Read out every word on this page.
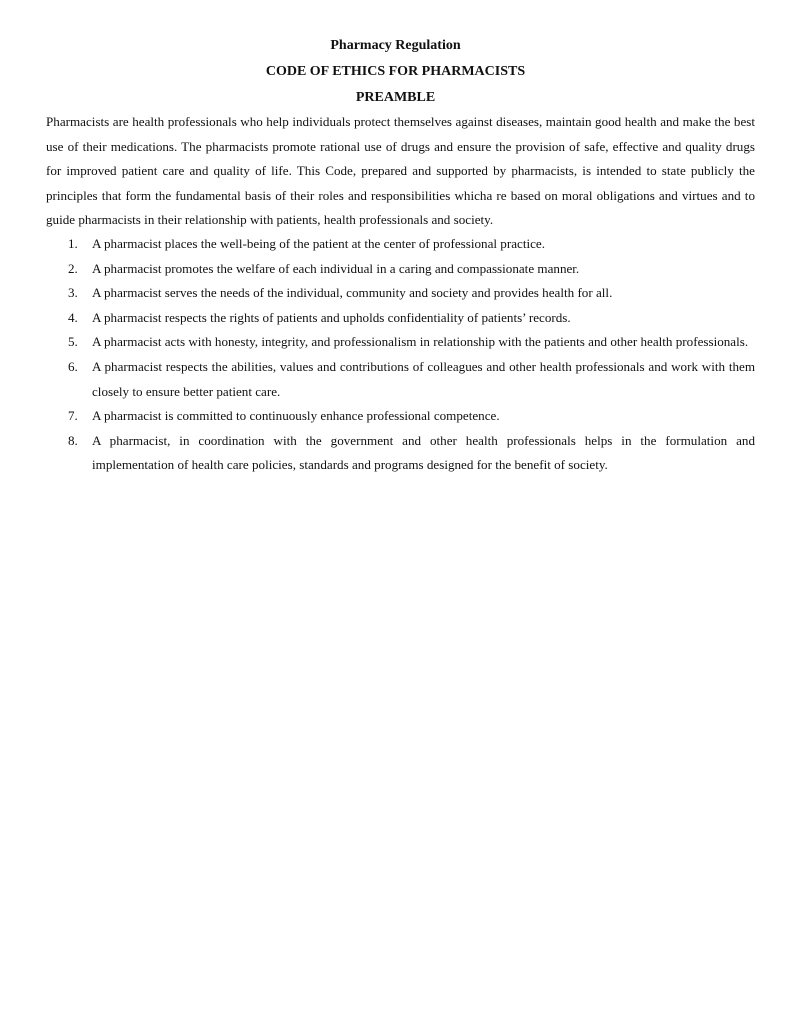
Pharmacy Regulation
CODE OF ETHICS FOR PHARMACISTS
PREAMBLE

Pharmacists are health professionals who help individuals protect themselves against diseases, maintain good health and make the best use of their medications. The pharmacists promote rational use of drugs and ensure the provision of safe, effective and quality drugs for improved patient care and quality of life. This Code, prepared and supported by pharmacists, is intended to state publicly the principles that form the fundamental basis of their roles and responsibilities whicha re based on moral obligations and virtues and to guide pharmacists in their relationship with patients, health professionals and society.

1. A pharmacist places the well-being of the patient at the center of professional practice.
2. A pharmacist promotes the welfare of each individual in a caring and compassionate manner.
3. A pharmacist serves the needs of the individual, community and society and provides health for all.
4. A pharmacist respects the rights of patients and upholds confidentiality of patients’ records.
5. A pharmacist acts with honesty, integrity, and professionalism in relationship with the patients and other health professionals.
6. A pharmacist respects the abilities, values and contributions of colleagues and other health professionals and work with them closely to ensure better patient care.
7. A pharmacist is committed to continuously enhance professional competence.
8. A pharmacist, in coordination with the government and other health professionals helps in the formulation and implementation of health care policies, standards and programs designed for the benefit of society.
